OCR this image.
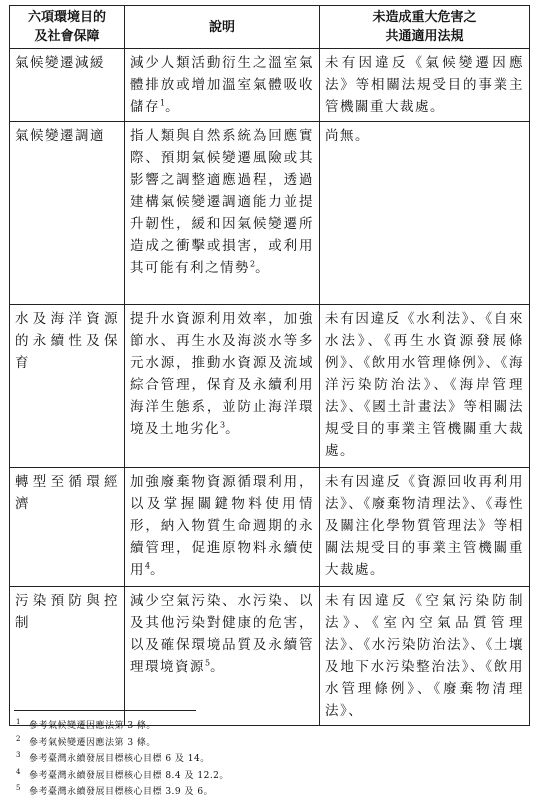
六項環境目的
及社會保障	說明	未造成重大危害之
共通適用法規
氣候變遷減緩	減少人類活動衍生之溫室氣體排放或增加溫室氣體吸收儲存$^1$。	未有因違反《氣候變遷因應法》等相關法規受目的事業主管機關重大裁處。
氣候變遷調適	指人類與自然系統為回應實際、預期氣候變遷風險或其影響之調整適應過程，透過建構氣候變遷調適能力並提升韌性，緩和因氣候變遷所造成之衝擊或損害，或利用其可能有利之情勢$^2$。	尚無。
水及海洋資源的永續性及保育	提升水資源利用效率，加強節水、再生水及海淡水等多元水源，推動水資源及流域綜合管理，保育及永續利用海洋生態系，並防止海洋環境及土地劣化$^3$。	未有因違反《水利法》、《自來水法》、《再生水資源發展條例》、《飲用水管理條例》、《海洋污染防治法》、《海岸管理法》、《國土計畫法》等相關法規受目的事業主管機關重大裁處。
轉型至循環經濟	加強廢棄物資源循環利用，以及掌握關鍵物料使用情形，納入物質生命週期的永續管理，促進原物料永續使用$^4$。	未有因違反《資源回收再利用法》、《廢棄物清理法》、《毒性及關注化學物質管理法》等相關法規受目的事業主管機關重大裁處。
污染預防與控制	減少空氣污染、水污染、以及其他污染對健康的危害，以及確保環境品質及永續管理環境資源$^5$。	未有因違反《空氣污染防制法》、《室內空氣品質管理法》、《水污染防治法》、《土壤及地下水污染整治法》、《飲用水管理條例》、《廢棄物清理法》、
$^1$ 參考氣候變遷因應法第 3 條。
$^2$ 參考氣候變遷因應法第 3 條。
$^3$ 參考臺灣永續發展目標核心目標 6 及 14。
$^4$ 參考臺灣永續發展目標核心目標 8.4 及 12.2。
$^5$ 參考臺灣永續發展目標核心目標 3.9 及 6。
